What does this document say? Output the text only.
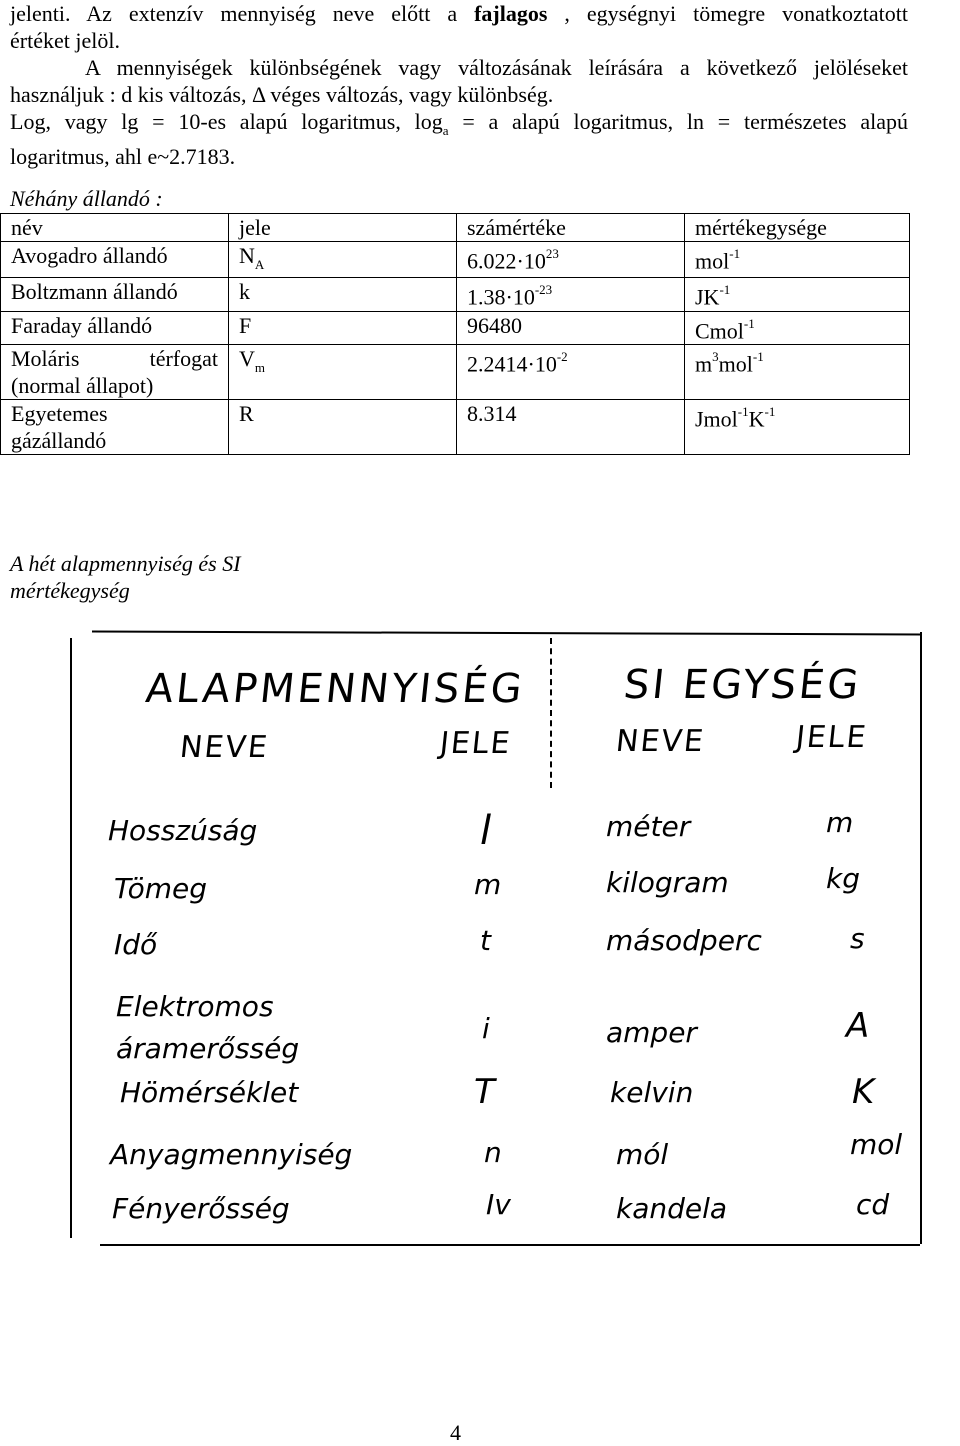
jelenti. Az extenzív mennyiség neve előtt a fajlagos , egységnyi tömegre vonatkoztatott
értéket jelöl.
A mennyiségek különbségének vagy változásának leírására a következő jelöléseket
használjuk : d kis változás, Δ véges változás, vagy különbség.
Log, vagy lg = 10-es alapú logaritmus, $\log_a = a$ alapú logaritmus, ln = természetes alapú
logaritmus, ahl e~2.7183.
Néhány állandó :
név	jele	számértéke	mértékegysége
Avogadro állandó	$N_A$	$6.022\cdot 10^{23}$	mol$^{-1}$
Boltzmann állandó	k	$1.38\cdot 10^{-23}$	$JK^{-1}$
Faraday állandó	F	96480	Cmol$^{-1}$

Moláris térfogat
(normal állapot)	$V_m$	$2.2414\cdot 10^{-2}$	$m^3mol^{-1}$

Egyetemes
gázállandó	R	8.314	$Jmol^{-1}K^{-1}$
A hét alapmennyiség és SI
mértékegység
ALAPMENNYISÉG SI EGYSÉG
NEVE	JELE	NEVE	JELE
Hosszúság	l	méter	m
Tömeg	m	kilogram	kg
Idő	t	másodperc	s
Elektromos
áramerősség
i	amper	A
Hömérséklet	T	kelvin	K
Anyagmennyiség	n	mól	mol
Fényerősség	Iv	kandela	cd
4
